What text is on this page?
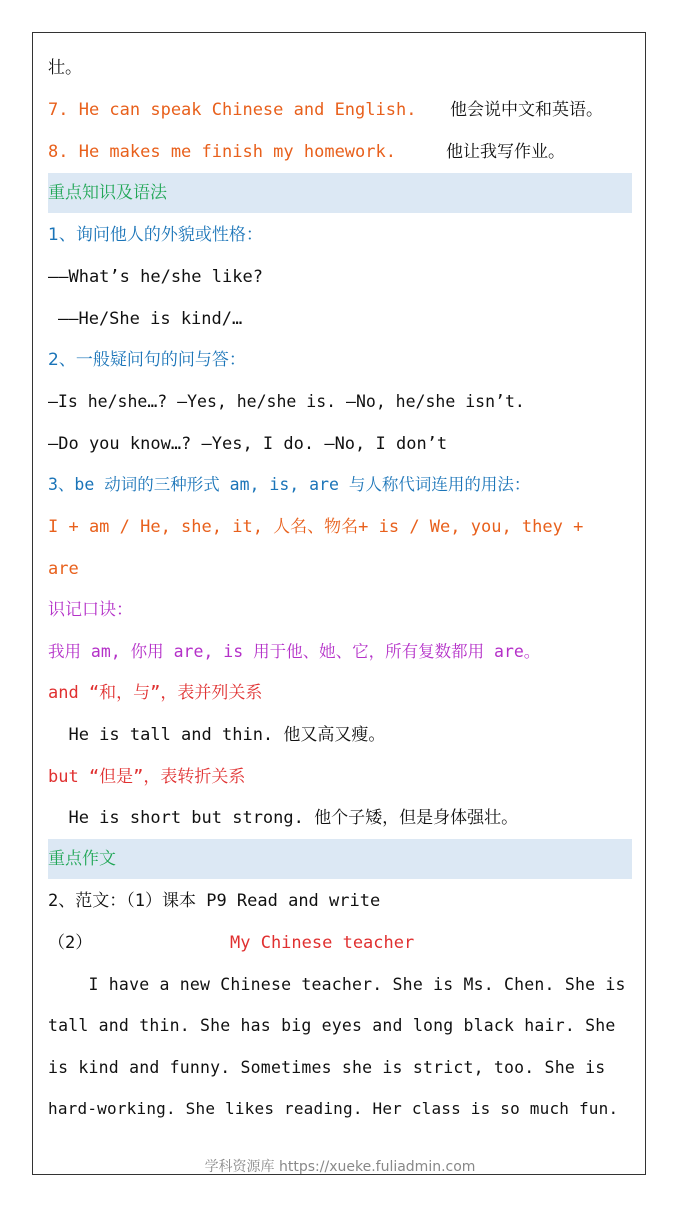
壮。
7. He can speak Chinese and English. 他会说中文和英语。
8. He makes me finish my homework.	他让我写作业。
重点知识及语法
1、询问他人的外貌或性格：
——What’s he/she like?
——He/She is kind/…
2、一般疑问句的问与答：
—Is he/she…? —Yes, he/she is. —No, he/she isn’t.
—Do you know…? —Yes, I do. —No, I don’t
3、be 动词的三种形式 am, is, are 与人称代词连用的用法：
I + am / He, she, it, 人名、物名+ is / We, you, they +
are
识记口诀：
我用 am, 你用 are, is 用于他、她、它，所有复数都用 are。
and “和，与”，表并列关系
He is tall and thin. 他又高又瘦。
but “但是”，表转折关系
He is short but strong. 他个子矮，但是身体强壮。
重点作文
2、范文：（1）课本 P9 Read and write
（2）	My Chinese teacher
I have a new Chinese teacher. She is Ms. Chen. She is
tall and thin. She has big eyes and long black hair. She
is kind and funny. Sometimes she is strict, too. She is
hard-working. She likes reading. Her class is so much fun.
学科资源库 https://xueke.fuliadmin.com
